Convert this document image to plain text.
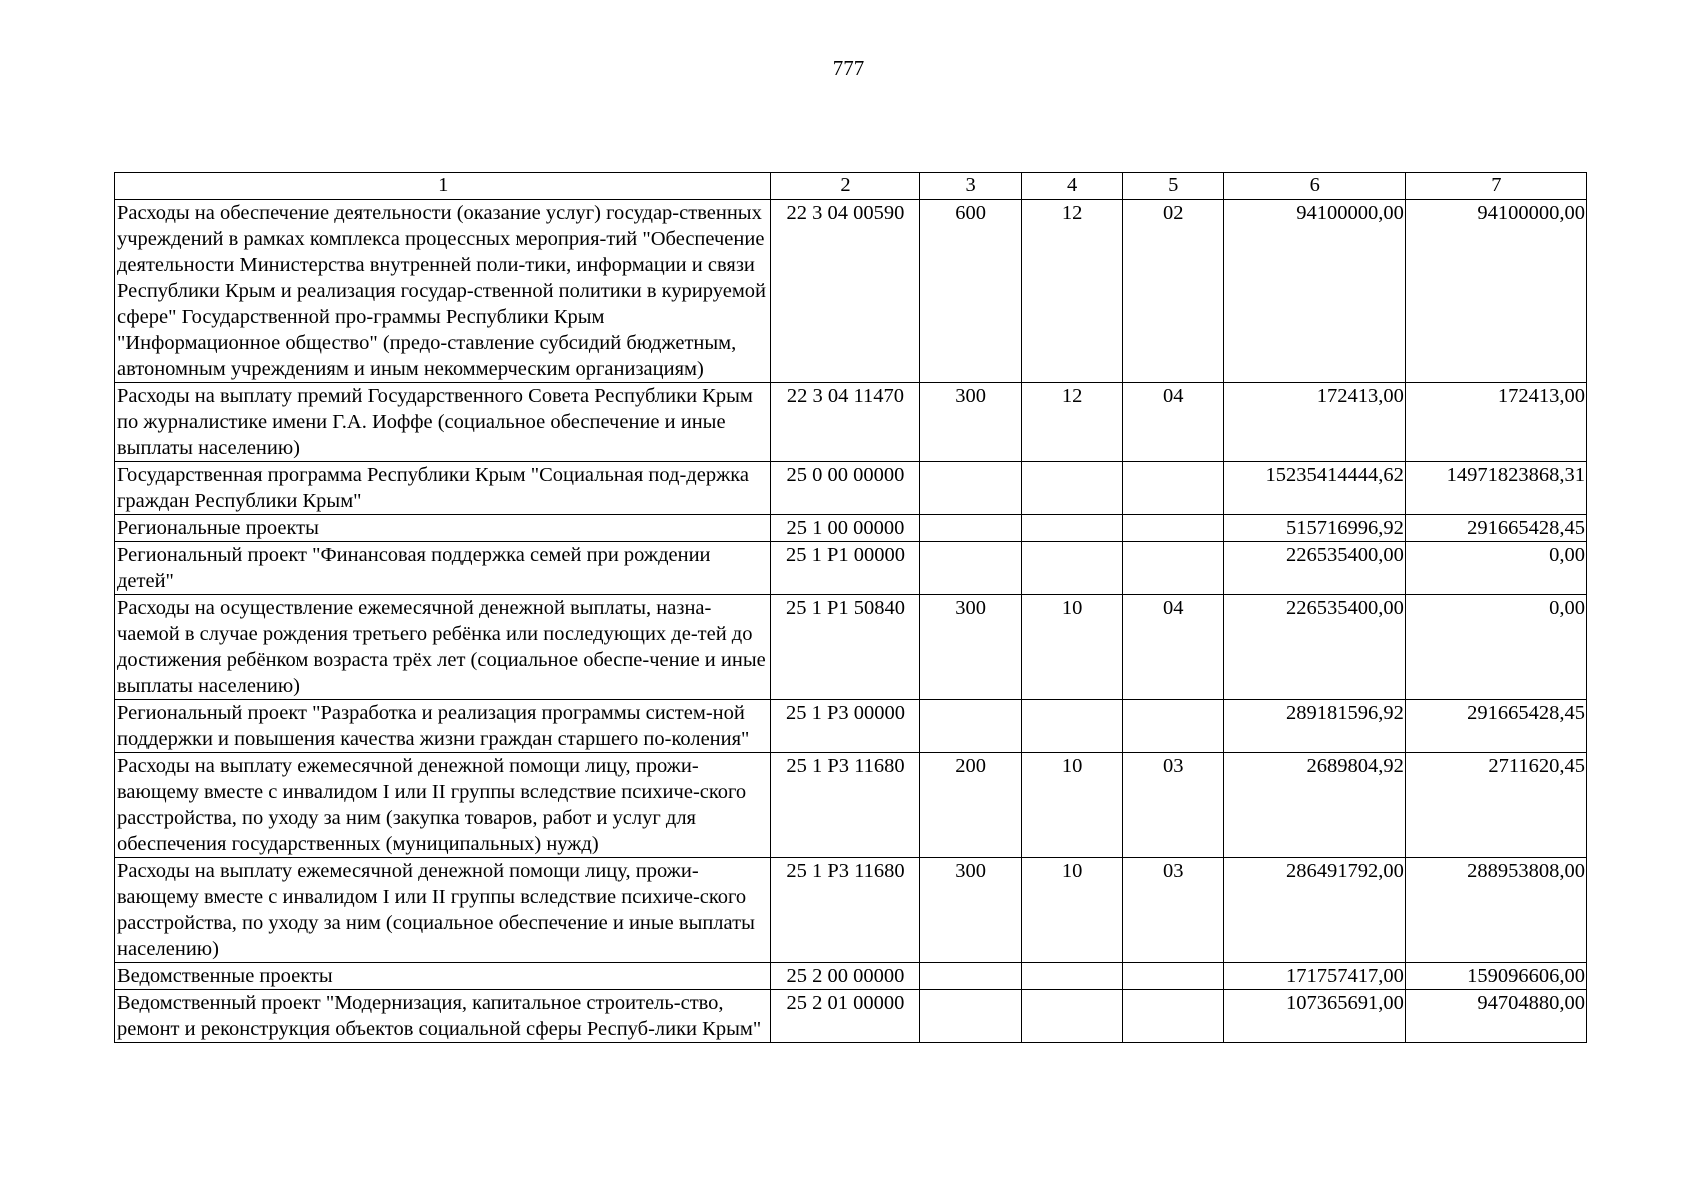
777
1	2	3	4	5	6	7
Расходы на обеспечение деятельности (оказание услуг) государ-ственных учреждений в рамках комплекса процессных мероприя-тий "Обеспечение деятельности Министерства внутренней поли-тики, информации и связи Республики Крым и реализация государ-ственной политики в курируемой сфере" Государственной про-граммы Республики Крым "Информационное общество" (предо-ставление субсидий бюджетным, автономным учреждениям и иным некоммерческим организациям)	22 3 04 00590	600	12	02	94100000,00	94100000,00
Расходы на выплату премий Государственного Совета Республики Крым по журналистике имени Г.А. Иоффе (социальное обеспечение и иные выплаты населению)	22 3 04 11470	300	12	04	172413,00	172413,00
Государственная программа Республики Крым "Социальная под-держка граждан Республики Крым"	25 0 00 00000				15235414444,62	14971823868,31
Региональные проекты	25 1 00 00000				515716996,92	291665428,45
Региональный проект "Финансовая поддержка семей при рождении детей"	25 1 Р1 00000				226535400,00	0,00
Расходы на осуществление ежемесячной денежной выплаты, назна-чаемой в случае рождения третьего ребёнка или последующих де-тей до достижения ребёнком возраста трёх лет (социальное обеспе-чение и иные выплаты населению)	25 1 Р1 50840	300	10	04	226535400,00	0,00
Региональный проект "Разработка и реализация программы систем-ной поддержки и повышения качества жизни граждан старшего по-коления"	25 1 Р3 00000				289181596,92	291665428,45
Расходы на выплату ежемесячной денежной помощи лицу, прожи-вающему вместе с инвалидом I или II группы вследствие психиче-ского расстройства, по уходу за ним (закупка товаров, работ и услуг для обеспечения государственных (муниципальных) нужд)	25 1 Р3 11680	200	10	03	2689804,92	2711620,45
Расходы на выплату ежемесячной денежной помощи лицу, прожи-вающему вместе с инвалидом I или II группы вследствие психиче-ского расстройства, по уходу за ним (социальное обеспечение и иные выплаты населению)	25 1 Р3 11680	300	10	03	286491792,00	288953808,00
Ведомственные проекты	25 2 00 00000				171757417,00	159096606,00
Ведомственный проект "Модернизация, капитальное строитель-ство, ремонт и реконструкция объектов социальной сферы Респуб-лики Крым"	25 2 01 00000				107365691,00	94704880,00
